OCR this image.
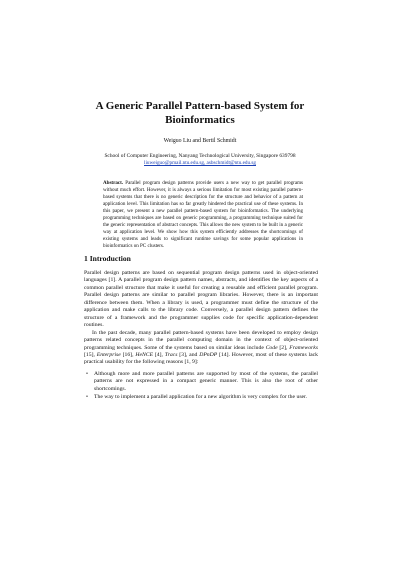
A Generic Parallel Pattern-based System for Bioinformatics
Weiguo Liu and Bertil Schmidt
School of Computer Engineering, Nanyang Technological University, Singapore 639798
liuweiguo@pmail.ntu.edu.sg, asbschmidt@ntu.edu.sg
Abstract. Parallel program design patterns provide users a new way to get parallel programs without much effort. However, it is always a serious limitation for most existing parallel pattern-based systems that there is no generic description for the structure and behavior of a pattern at application level. This limitation has so far greatly hindered the practical use of these systems. In this paper, we present a new parallel pattern-based system for bioinformatics. The underlying programming techniques are based on generic programming, a programming technique suited for the generic representation of abstract concepts. This allows the new system to be built in a generic way at application level. We show how this system efficiently addresses the shortcomings of existing systems and leads to significant runtime savings for some popular applications in bioinformatics on PC clusters.
1 Introduction

Parallel design patterns are based on sequential program design patterns used in object-oriented languages [1]. A parallel program design pattern names, abstracts, and identifies the key aspects of a common parallel structure that make it useful for creating a reusable and efficient parallel program. Parallel design patterns are similar to parallel program libraries. However, there is an important difference between them. When a library is used, a programmer must define the structure of the application and make calls to the library code. Conversely, a parallel design pattern defines the structure of a framework and the programmer supplies code for specific application-dependent routines.

In the past decade, many parallel pattern-based systems have been developed to employ design patterns related concepts in the parallel computing domain in the context of object-oriented programming techniques. Some of the systems based on similar ideas include Code [2], Frameworks [15], Enterprise [16], HeNCE [4], Tracs [3], and DPnDP [14]. However, most of these systems lack practical usability for the following reasons [1, 9]:

• Although more and more parallel patterns are supported by most of the systems, the parallel patterns are not expressed in a compact generic manner. This is also the root of other shortcomings.
• The way to implement a parallel application for a new algorithm is very complex for the user.
